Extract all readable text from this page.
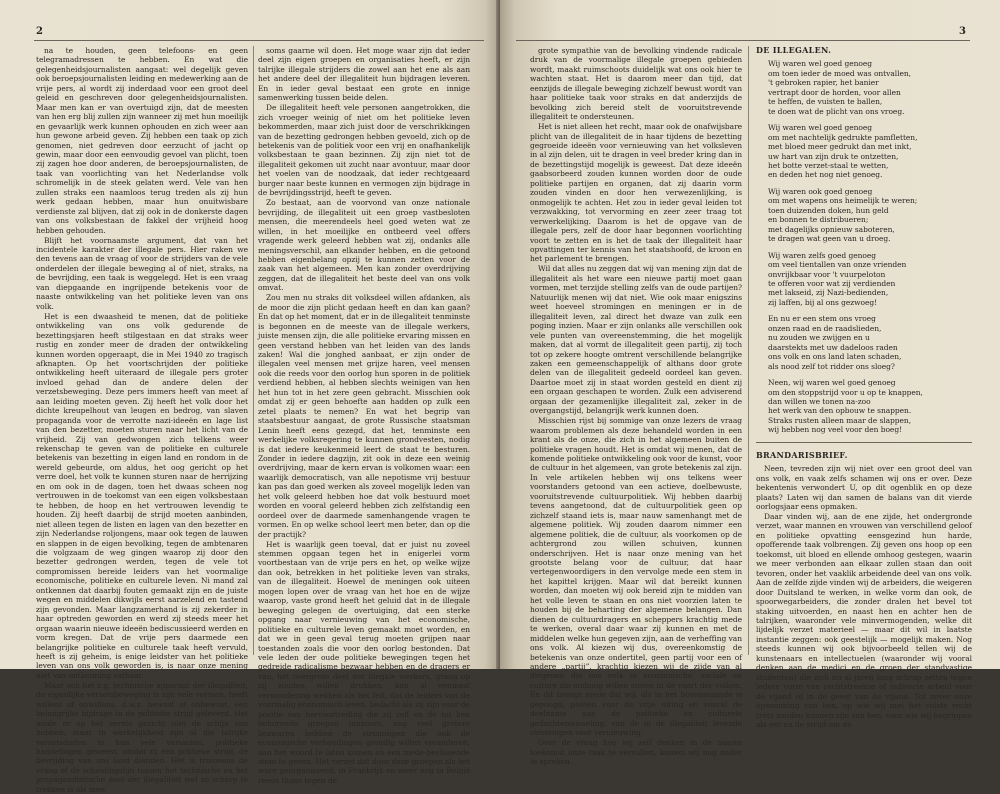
2

na te houden, geen telefoons- en geen telegramadressen te hebben. En wat die gelegenheidsjournalisten aangaat: wel degelijk geven ook beroepsjournalisten leiding en medewerking aan de vrije pers, al wordt zij inderdaad voor een groot deel geleid en geschreven door gelegenheidsjournalisten. Maar men kan er van overtuigd zijn, dat de meesten van hen erg blij zullen zijn wanneer zij met hun moeilijk en gevaarlijk werk kunnen ophouden en zich weer aan hun gewone arbeid geven. Zij hebben een taak op zich genomen, niet gedreven door eerzucht of jacht op gewin, maar door een eenvoudig gevoel van plicht, toen zij zagen hoe door anderen, de beroepsjournalisten, de taak van voorlichting van het Nederlandse volk schromelijk in de steek gelaten werd. Vele van hen zullen straks een naamloos terug treden als zij hun werk gedaan hebben, maar hun onuitwisbare verdienste zal blijven, dat zij ook in de donkerste dagen van ons volksbestaan de fakkel der vrijheid hoog hebben gehouden.

Blijft het voornaamste argument, dat van het incidentele karakter der illegale pers. Hier raken we den tevens aan de vraag of voor de strijders van de vele onderdelen der illegale beweging al of niet, straks, na de bevrijding, een taak is weggelegd. Het is een vraag van diepgaande en ingrijpende betekenis voor de naaste ontwikkeling van het politieke leven van ons volk.

Het is een dwaasheid te menen, dat de politieke ontwikkeling van ons volk gedurende de bezettingsjaren heeft stilgestaan en dat straks weer rustig en zonder meer de draden der ontwikkeling kunnen worden opgeraapt, die in Mei 1940 zo tragisch afknapten. Op het voortschrijden der politieke ontwikkeling heeft uiteraard de illegale pers groter invloed gehad dan de andere delen der verzetsbeweging. Deze pers immers heeft van meet af aan leiding moeten geven. Zij heeft het volk door het dichte kreupelhout van leugen en bedrog, van slaven propaganda voor de verrotte nazi-ideeën en lage list van den bezetter, moeten sturen naar het licht van de vrijheid. Zij van gedwongen zich telkens weer rekenschap te geven van de politieke en culturele betekenis van bezetting in eigen land en rondom in de wereld gebeurde, om aldus, het oog gericht op het verre doel, het volk te kunnen sturen naar de herrijzing en om ook in de dagen, toen het dwaas scheen nog vertrouwen in de toekomst van een eigen volksbestaan te hebben, de hoop en het vertrouwen levendig te houden. Zij heeft daarbij de strijd moeten aanbinden, niet alleen tegen de listen en lagen van den bezetter en zijn Nederlandse roljongens, maar ook tegen de lauwen en slappen in de eigen bevolking, tegen de ambtenaren die volgzaam de weg gingen waarop zij door den bezetter gedrongen werden, tegen de vele tot compromissen bereide leiders van het voormalige economische, politieke en culturele leven. Ni mand zal ontkennen dat daarbij fouten gemaakt zijn en de juiste wegen en middelen dikwijls eerst aarzelend en tastend zijn gevonden. Maar langzamerhand is zij zekerder in haar optreden geworden en werd zij steeds meer het orgaan waarin nieuwe ideeën bediscussieerd werden en vorm kregen. Dat de vrije pers daarmede een belangrijke politieke en culturele taak heeft vervuld, heeft is zij geheim, is enige leidster van het politieke leven van ons volk geworden is, is naar onze mening niet van ontkenning vatbaar.

Maar ook het z.g. technische apparaat der illegaliteit, de eigenlijke verzetsbeweging is zijn vele vormen, heeft willens of onwillens, d.w.z. bewust of onbewust, een belangrijke bijdrage in de politieke strijd geleverd. Het mode er op het eerste gezicht niet de schijn van hebben, maar in werkelijkheid zijn al die talrijke verzetsdaden in hun vele varianten, politieke handelingen geweest, omdat zij een politieke strijd, de bevrijding van ons land dienden. Het is trouwens de vraag of de scheidingslijn tussen het technische en het propagandistische deel der illegaliteit wel zo scherp te trekken is als men

soms gaarne wil doen. Het moge waar zijn dat ieder deel zijn eigen groepen en organisaties heeft, er zijn talrijke illegale strijders die zowel aan het ene als aan het andere deel der illegaliteit hun bijdragen leveren. En in ieder geval bestaat een grote en innige samenwerking tussen beide delen.

De illegaliteit heeft vele personen aangetrokken, die zich vroeger weinig of niet om het politieke leven bekommerden, maar zich juist door de verschrikkingen van de bezetting gedrongen hebben gevoeld, zich op de betekenis van de politiek voor een vrij en onafhankelijk volksbestaan te gaan bezinnen. Zij zijn niet tot de illegaliteit gekomen uit zucht naar avontuur, maar door het voelen van de noodzaak, dat ieder rechtgeaard burger naar beste kunnen en vermogen zijn bijdrage in de bevrijdingsstrijd, heeft te geven.

Zo bestaat, aan de voorvond van onze nationale bevrijding, de illegaliteit uit een groep vastbesloten mensen, die meerendeels heel goed weten wat ze willen, in het moeilijke en ontbeerd veel offers vragende werk geleerd hebben wat zij, ondanks alle meningsverschil, aan elkander hebben, en die getoond hebben eigenbelang opzij te kunnen zetten voor de zaak van het algemeen. Men kan zonder overdrijving zeggen, dat de illegaliteit het beste deel van ons volk omvat.

Zou men nu straks dit volksdeel willen afdanken, als de moor die zijn plicht gedaan heeft en dan kan gaan? En dat op het moment, dat er in de illegaliteit tenminste is begonnen en de meeste van de illegale werkers, juiste mensen zijn, die alle politieke ervaring missen en geen verstand hebben van het leiden van des lands zaken! Wal die jonghed aanbaat, er zijn onder de illegalen veel mensen met grijze haren, veel mensen ook die reeds voor den oorlog hun sporen in de politiek verdiend hebben, al hebben slechts weinigen van hen het hun tot in het zere geen gebracht. Misschien ook omdat zij er geen behoefte aan hadden op zulk een zetel plaats te nemen? En wat het begrip van staatsbestuur aangaat, de grote Russische staatsman Lenin heeft eens gezegd, dat het, tenminste een werkelijke volksregering te kunnen grondvesten, nodig is dat iedere keukenmeid leert de staat te besturen. Zonder in iedere dagzijn, zit ook in deze een weinig overdrijving, maar de kern ervan is volkomen waar: een waarlijk democratisch, van alle nepotisme vrij bestuur kan pas dan goed werken als zoveel mogelijk leden van het volk geleerd hebben hoe dat volk bestuurd moet worden en vooral geleerd hebben zich zelfstandig een oordeel over de daarmede samenhangende vragen te vormen. En op welke school leert men beter, dan op die der practijk?

Het is waarlijk geen toeval, dat er juist nu zoveel stemmen opgaan tegen het in enigerlei vorm voortbestaan van de vrije pers en het, op welke wijze dan ook, betrekken in het politieke leven van straks, van de illegaliteit. Hoewel de meningen ook uiteen mogen lopen over de vraag van het hoe en de wijze waarop, vaste grond heeft het geluid dat in de illegale beweging gelegen de overtuiging, dat een sterke opgang naar vernieuwing van het economische, politieke en culturele leven gemaakt moet worden, en dat we in geen geval terug moeten grijpen naar toestanden zoals die voor den oorlog bestonden. Dat vele leden der oude politieke bewegingen tegen het gedreide radicalisme bezwaar hebben en de dragers er van, het overgrote deel der illegale werkers, graag op zij zouden willen drukken, kan al eenmaal verwondering wekken als het feit, dat de leiders van de voormalig economisch leven, bedacht als zij zijn voor de positie van hervoortreding die zij zelf en de tot hen behorende groepen innamen, nog veel grotere bezwaren hebben de stromingen die ook de economische verhoudingen grondig willen veranderen, aan het woord te laten komen en een mede-beslissende stem te geven. Het verzet dat door deze groepen als het ware georganiseerd, in Frankrijk en meer nog in België reeds thans tegen de

3

grote sympathie van de bevolking vindende radicale druk van de voormalige illegale groepen gebieden wordt, maakt ruimschoots duidelijk wat ons ook hier te wachten staat. Het is daarom meer dan tijd, dat eenzijds de illegale beweging zichzelf bewust wordt van haar politieke taak voor straks en dat anderzijds de bevolking zich bereid stelt de vooruitstrevende illegaliteit te ondersteunen.

Het is niet alleen het recht, maar ook de onafwijsbare plicht van de illegaliteit de in haar tijdens de bezetting gegroeide ideeën voor vernieuwing van het volksleven in al zijn delen, uit te dragen in veel breder kring dan in de bezettingstijd mogelijk is geweest. Dat deze ideeën gaabsorbeerd zouden kunnen worden door de oude politieke partijen en organen, dat zij daarin vorm zouden vinden en door hen verwezenlijking, is onmogelijk te achten. Het zou in ieder geval leiden tot verzwakking, tot vervorming en zeer zeer traag tot verwerkelijking. Daarom is het de opgave van de illegale pers, zelf de door haar begonnen voorlichting voort te zetten en is het de taak der illegaliteit haar opvattingen ter kennis van het staatshoofd, de kroon en het parlement te brengen.

Wil dat alles nu zeggen dat wij van mening zijn dat de illegaliteit als het ware een nieuwe partij moet gaan vormen, met terzijde stelling zelfs van de oude partijen? Natuurlijk menen wij dat niet. Wie ook maar enigszins weet hoeveel stromingen en meningen er in de illegaliteit leven, zal direct het dwaze van zulk een poging inzien. Maar er zijn onlanks alle verschillen ook vele punten van overeenstemming, die het mogelijk maken, dat al vormt de illegaliteit geen partij, zij toch tot op zekere hoogte omtrent verschillende belangrijke zaken een gemeenschappelijk of althans door grote delen van de illegaliteit gedeeld oordeel kan geven. Daartoe moet zij in staat worden gesteld en dient zij een orgaan geschapen te worden. Zulk een adviserend orgaan der gezamenlijke illegaliteit zal, zeker in de overgangstijd, belangrijk werk kunnen doen.

Misschien rijst bij sommige van onze lezers de vraag waarom problemen als deze behandeld worden in een krant als de onze, die zich in het algemeen buiten de politieke vragen houdt. Het is omdat wij menen, dat de komende politieke ontwikkeling ook voor de kunst, voor de cultuur in het algemeen, van grote betekenis zal zijn. In vele artikelen hebben wij ons telkens weer voorstanders getoond van een actieve, doelbewuste, vooruitstrevende cultuurpolitiek. Wij hebben daarbij tevens aangetoond, dat de cultuurpolitiek geen op zichzelf staand iets is, maar nauw samenhangt met de algemene politiek. Wij zouden daarom nimmer een algemene politiek, die de cultuur, als voorkomen op de achtergrond zou willen schuiven, kunnen onderschrijven. Het is naar onze mening van het grootste belang voor de cultuur, dat haar vertegenwoordigers in den vervolge mede een stem in het kapittel krijgen. Maar wil dat bereikt kunnen worden, dan moeten wij ook bereid zijn te midden van het volle leven te staan en ons niet voorzien laten te houden bij de beharting der algemene belangen. Dan dienen de cultuurdragers en scheppers krachtig mede te werken, overal daar waar zij kunnen en met de middelen welke hun gegeven zijn, aan de verheffing van ons volk. Al kiezen wij dus, overeenkomstig de betekenis van onze ondertitel, geen partij voor een of andere „partij”, krachtig kiezen wij de zijde van al diegenen die ons volk in economische, sociale en culture zin omhoog willen stoten in de vaart der volken. En dit brengt mede dat wij, als in het bovenstaande is gepoogd, pleiten voor de vrije uiting en vooral de deelname aan de politieke en culturele gedachtenwisseling, van de in de illegaliteit levende stromingen voor vernieuwing.

Over de vraag hoe wij zelf denken in de naaste toekomst onze taak te vervullen, komen wij nog nader te spreken.

DE ILLEGALEN.
Wij waren wel goed genoeg
om toen ieder de moed was ontvallen,
't gebroken rapier, het banier
vertrapt door de horden, voor allen
te heffen, de vuisten te ballen,
te doen wat de plicht van ons vroeg.
Wij waren wel goed genoeg
om met nachtelijk gedrukte pamfletten,
met bloed meer gedrukt dan met inkt,
uw hart van zijn druk te ontzetten,
het botte verzet-staal te wetten,
en deden het nog niet genoeg.
Wij waren ook goed genoeg
om met wapens ons heimelijk te weren;
toen duizenden doken, hun geld
en bonnen te distribueren;
met dagelijks opnieuw saboteren,
te dragen wat geen van u droeg.
Wij waren zelfs goed genoeg
om veel tientallen van onze vrienden
onvrijkbaar voor 't vuurpeloton
te offeren voor wat zij verdienden
met lakseid, zij Nazi-bedienden,
zij laffen, bij al ons gezwoeg!
En nu er een stem ons vroeg
onzen raad en de raadslieden,
nu zouden we zwijgen en u
daarstekts met uw dadeloos raden
ons volk en ons land laten schaden,
als nood zelf tot ridder ons sloeg?
Neen, wij waren wel goed genoeg
om den stoppstrijd voor u op te knappen,
dan willen we tonen na-zoo
het werk van den opbouw te snappen.
Straks rusten alleen maar de slappen,
wij hebben nog veel voor den boeg!
BRANDARISBRIEF.

Neen, tevreden zijn wij niet over een groot deel van ons volk, en vaak zelfs schamen wij ons er over. Deze bekentenis verwondert U, op dit ogenblik en op deze plaats? Laten wij dan samen de balans van dit vierde oorlogsjaar eens opmaken.

Daar vinden wij, aan de ene zijde, het ondergronde verzet, waar mannen en vrouwen van verschillend geloof en politieke opvatting eensgezind hun harde, opofferende taak volbrengen. Zij geven ons hoop op een toekomst, uit bloed en ellende omhoog gestegen, waarin we meer verbonden aan elkaar zullen staan dan ooit tevoren, onder het vaaklik arbeidende deel van ons volk. Aan de zelfde zijde vinden wij de arbeiders, die weigeren door Duitsland te werken, in welke vorm dan ook, de spoorwegarbeiders, die zonder dralen het bevel tot staking uitvoerden, en naast hen en achter hen de talrijken, waaronder vele minvermogenden, welke dit lijdelijk verzet materieel — maar dit wil in laatste instantie zeggen: ook geestelijk — mogelijk maken. Nog steeds kunnen wij ook bijvoorbeeld tellen wij de kunstenaars en intellectuelen (waaronder wij vooral denken aan de medici en de groep der standvastige studenten) die zich nu al jaren lang schrap zetten tegen iedere vorm van rechtstreekse of indirecte arbeid voor de vijand of in de geest van de vijand. Tot zover onze opsomming van hen, op wie wij met het volste recht trots zouden kunnen zijn van hen, voor wie wij begrippen als eer en de strijd om de
